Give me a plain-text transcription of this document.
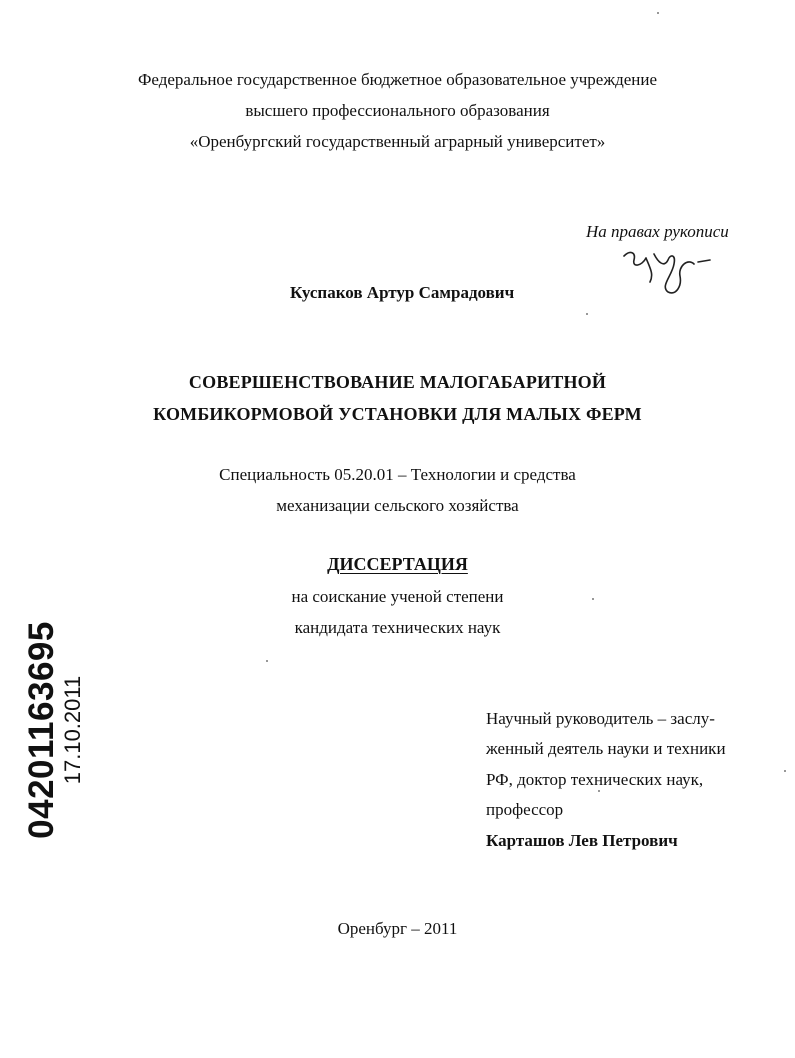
Федеральное государственное бюджетное образовательное учреждение
высшего профессионального образования
«Оренбургский государственный аграрный университет»
На правах рукописи
Куспаков Артур Самрадович
СОВЕРШЕНСТВОВАНИЕ МАЛОГАБАРИТНОЙ
КОМБИКОРМОВОЙ УСТАНОВКИ ДЛЯ МАЛЫХ ФЕРМ
Специальность 05.20.01 – Технологии и средства
механизации сельского хозяйства
ДИССЕРТАЦИЯ
на соискание ученой степени
кандидата технических наук
Научный руководитель – заслу-
женный деятель науки и техники
РФ, доктор технических наук,
профессор
Карташов Лев Петрович
Оренбург – 2011
04201163695 17.10.2011
